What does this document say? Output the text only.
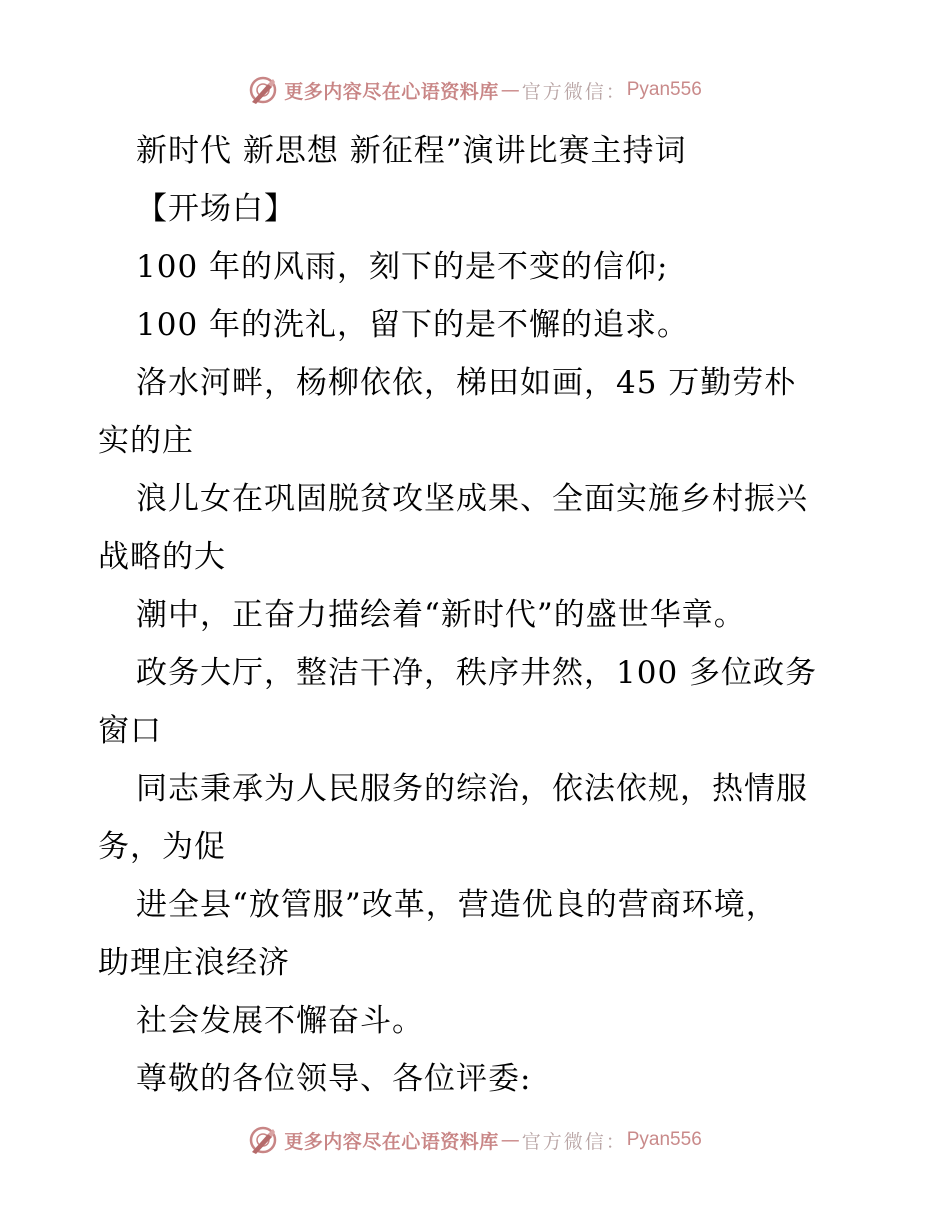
更多内容尽在心语资料库 — 官方微信： Pyan556

新时代 新思想 新征程”演讲比赛主持词

【开场白】

100 年的风雨，刻下的是不变的信仰;

100 年的洗礼，留下的是不懈的追求。

洛水河畔，杨柳依依，梯田如画，45 万勤劳朴

实的庄

浪儿女在巩固脱贫攻坚成果、全面实施乡村振兴

战略的大

潮中，正奋力描绘着“新时代”的盛世华章。

政务大厅，整洁干净，秩序井然，100 多位政务

窗口

同志秉承为人民服务的综治，依法依规，热情服

务，为促

进全县“放管服”改革，营造优良的营商环境，

助理庄浪经济

社会发展不懈奋斗。

尊敬的各位领导、各位评委:

更多内容尽在心语资料库 — 官方微信： Pyan556
